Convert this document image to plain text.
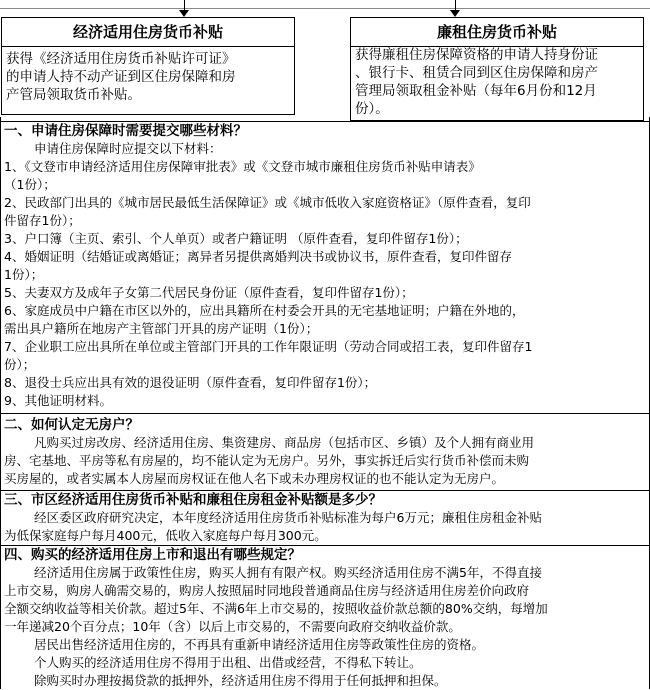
经济适用住房货币补贴
获得《经济适用住房货币补贴许可证》
的申请人持不动产证到区住房保障和房
产管局领取货币补贴。
廉租住房货币补贴
获得廉租住房保障资格的申请人持身份证
、银行卡、租赁合同到区住房保障和房产
管理局领取租金补贴（每年6月份和12月
份）。
一、申请住房保障时需要提交哪些材料？
申请住房保障时应提交以下材料：
1、《文登市申请经济适用住房保障审批表》或《文登市城市廉租住房货币补贴申请表》
（1份）；
2、民政部门出具的《城市居民最低生活保障证》或《城市低收入家庭资格证》（原件查看，复印
件留存1份）；
3、户口簿（主页、索引、个人单页）或者户籍证明 （原件查看，复印件留存1份）；
4、婚姻证明（结婚证或离婚证；离异者另提供离婚判决书或协议书，原件查看，复印件留存
1份）；
5、夫妻双方及成年子女第二代居民身份证（原件查看，复印件留存1份）；
6、家庭成员中户籍在市区以外的，应出具籍所在村委会开具的无宅基地证明；户籍在外地的，
需出具户籍所在地房产主管部门开具的房产证明（1份）；
7、企业职工应出具所在单位或主管部门开具的工作年限证明（劳动合同或招工表，复印件留存1
份）；
8、退役士兵应出具有效的退役证明（原件查看，复印件留存1份）；
9、其他证明材料。
二、如何认定无房户？
凡购买过房改房、经济适用住房、集资建房、商品房（包括市区、乡镇）及个人拥有商业用
房、宅基地、平房等私有房屋的，均不能认定为无房户。另外，事实拆迁后实行货币补偿而未购
买房屋的，或者实属本人房屋而房权证在他人名下或未办理房权证的也不能认定为无房户。
三、市区经济适用住房货币补贴和廉租住房租金补贴额是多少？
经区委区政府研究决定，本年度经济适用住房货币补贴标准为每户6万元；廉租住房租金补贴
为低保家庭每户每月400元，低收入家庭每户每月300元。
四、购买的经济适用住房上市和退出有哪些规定？
经济适用住房属于政策性住房，购买人拥有有限产权。购买经济适用住房不满5年，不得直接
上市交易，购房人确需交易的，购房人按照届时同地段普通商品住房与经济适用住房差价向政府
全额交纳收益等相关价款。超过5年、不满6年上市交易的，按照收益价款总额的80%交纳，每增加
一年递减20个百分点；10年（含）以后上市交易的，不需要向政府交纳收益价款。
居民出售经济适用住房的，不再具有重新申请经济适用住房等政策性住房的资格。
个人购买的经济适用住房不得用于出租、出借或经营，不得私下转让。
除购买时办理按揭贷款的抵押外，经济适用住房不得用于任何抵押和担保。
